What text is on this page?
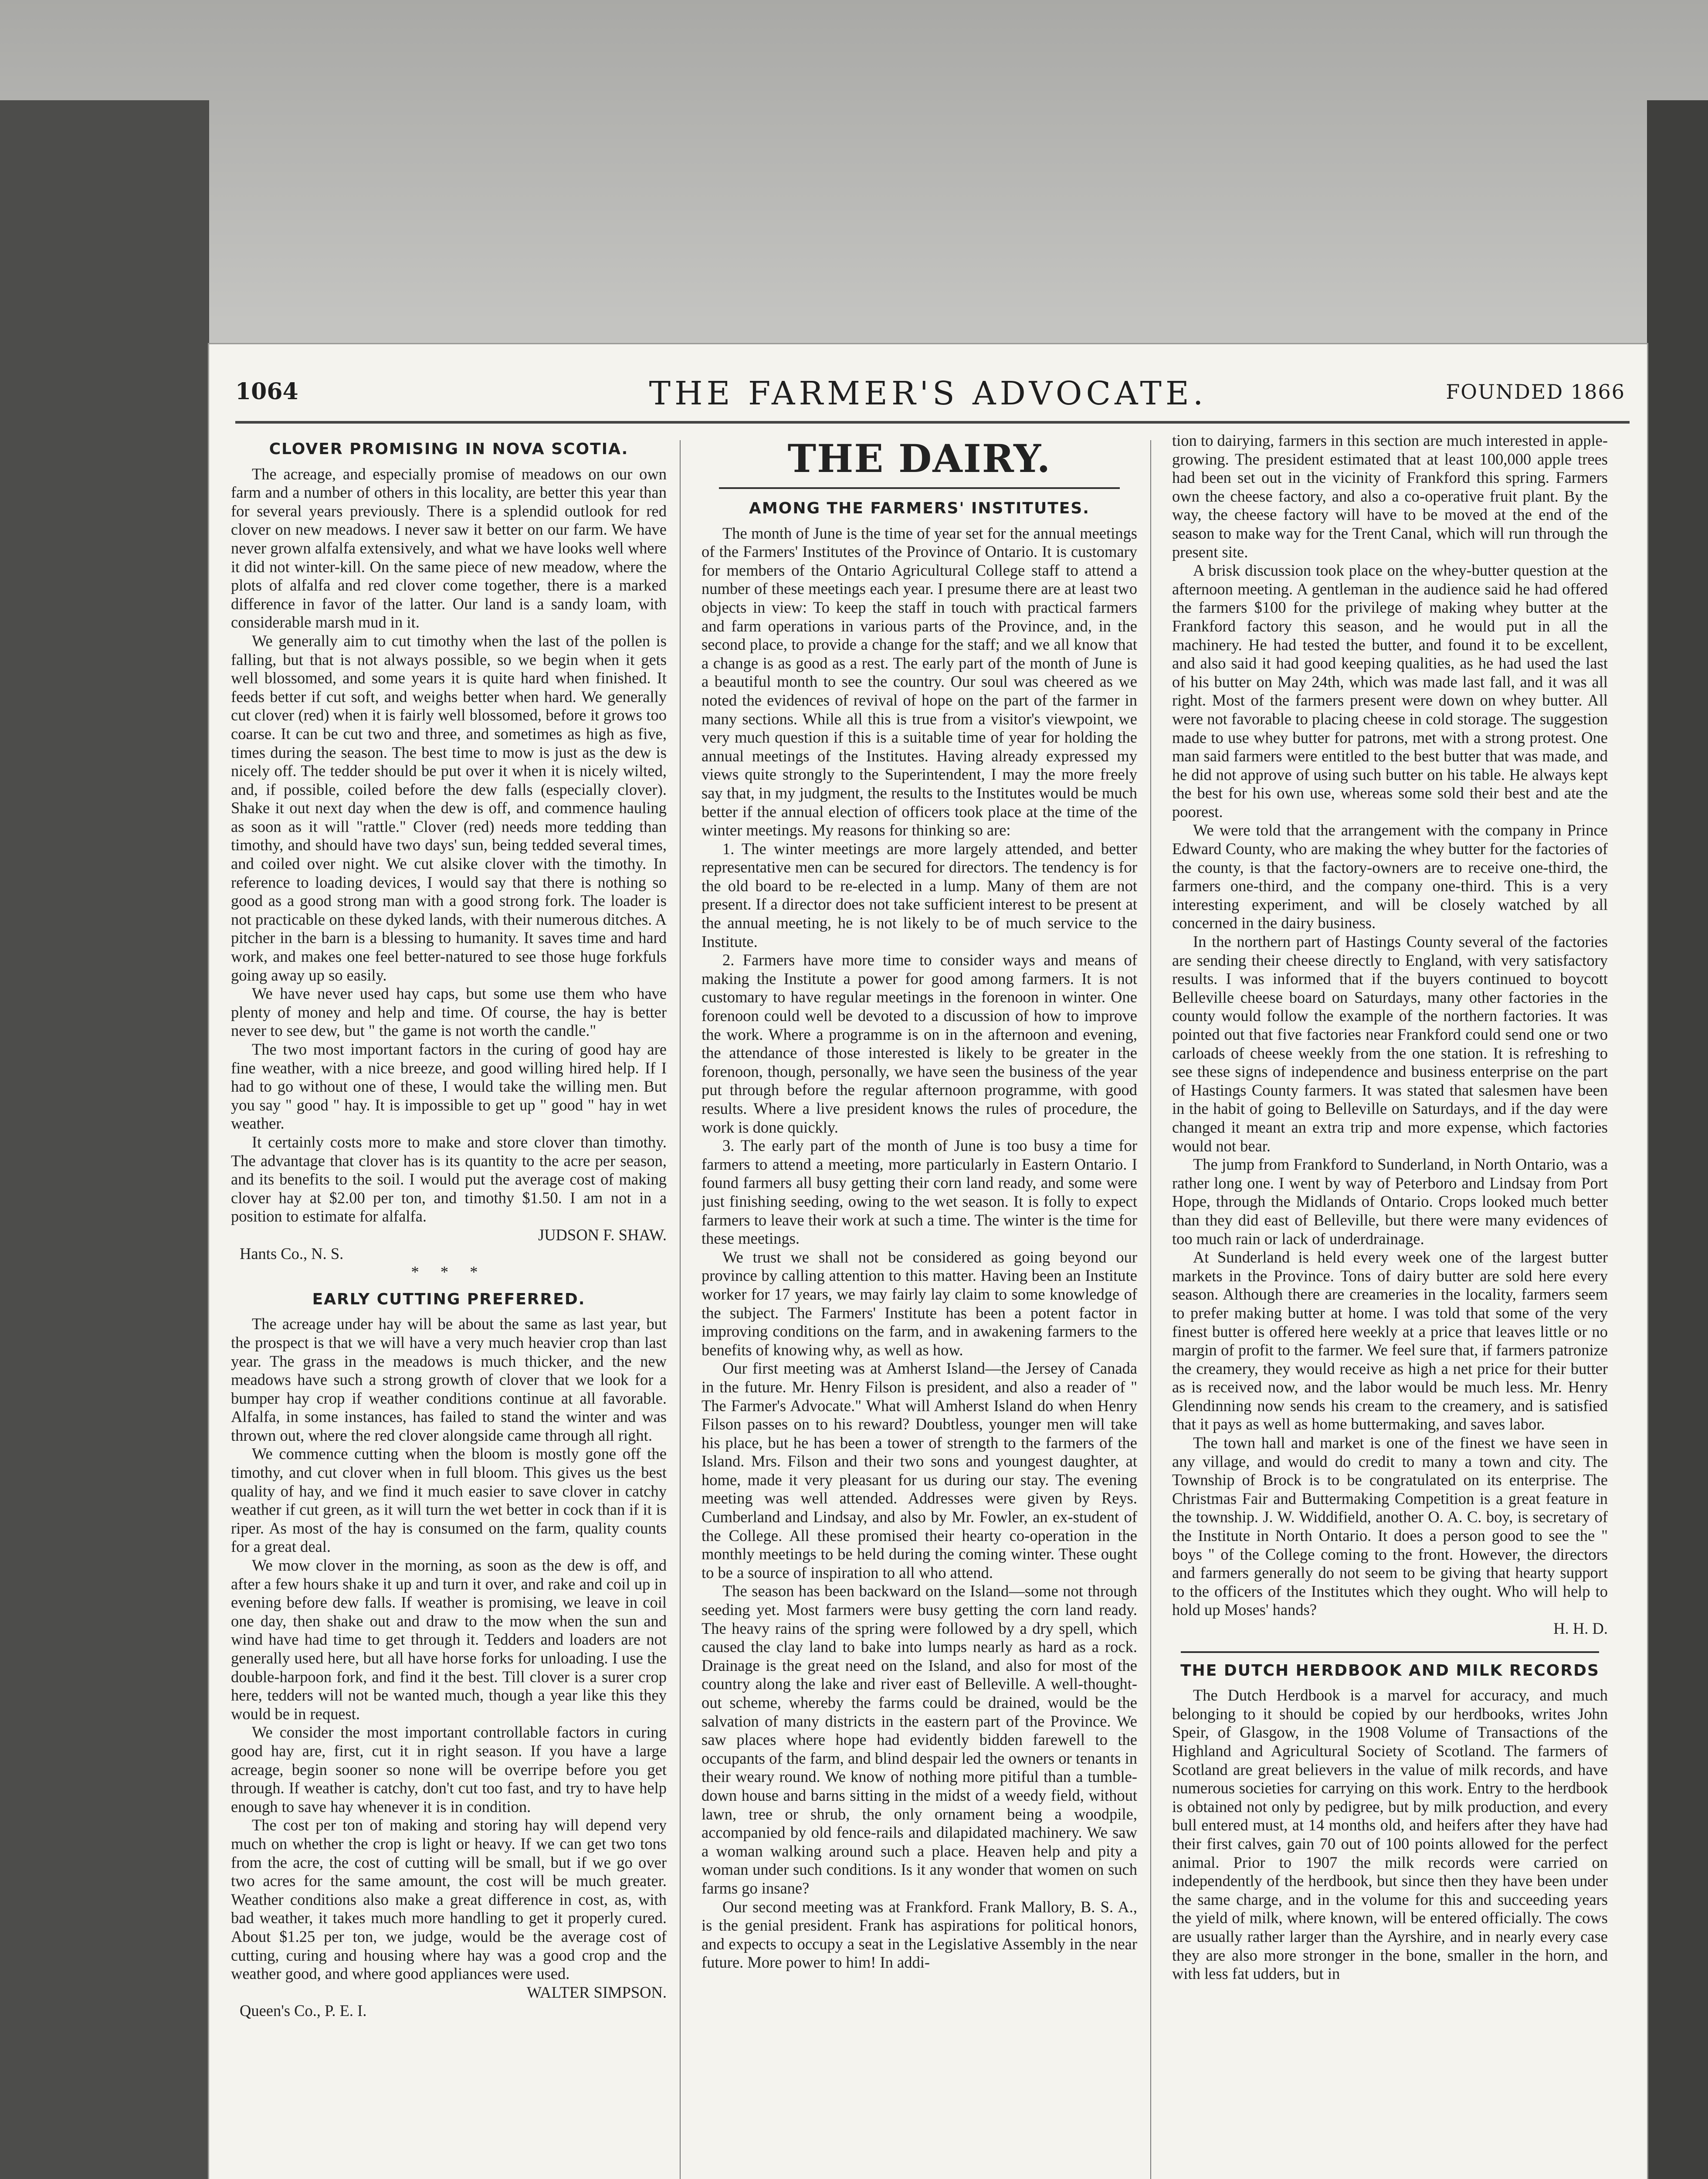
1064	THE FARMER'S ADVOCATE.	FOUNDED 1866
CLOVER PROMISING IN NOVA SCOTIA.

The acreage, and especially promise of meadows on our own farm and a number of others in this locality, are better this year than for several years previously. There is a splendid outlook for red clover on new meadows. I never saw it better on our farm. We have never grown alfalfa extensively, and what we have looks well where it did not winter-kill. On the same piece of new meadow, where the plots of alfalfa and red clover come together, there is a marked difference in favor of the latter. Our land is a sandy loam, with considerable marsh mud in it.

We generally aim to cut timothy when the last of the pollen is falling, but that is not always possible, so we begin when it gets well blossomed, and some years it is quite hard when finished. It feeds better if cut soft, and weighs better when hard. We generally cut clover (red) when it is fairly well blossomed, before it grows too coarse. It can be cut two and three, and sometimes as high as five, times during the season. The best time to mow is just as the dew is nicely off. The tedder should be put over it when it is nicely wilted, and, if possible, coiled before the dew falls (especially clover). Shake it out next day when the dew is off, and commence hauling as soon as it will "rattle." Clover (red) needs more tedding than timothy, and should have two days' sun, being tedded several times, and coiled over night. We cut alsike clover with the timothy. In reference to loading devices, I would say that there is nothing so good as a good strong man with a good strong fork. The loader is not practicable on these dyked lands, with their numerous ditches. A pitcher in the barn is a blessing to humanity. It saves time and hard work, and makes one feel better-natured to see those huge forkfuls going away up so easily.

We have never used hay caps, but some use them who have plenty of money and help and time. Of course, the hay is better never to see dew, but " the game is not worth the candle."

The two most important factors in the curing of good hay are fine weather, with a nice breeze, and good willing hired help. If I had to go without one of these, I would take the willing men. But you say " good " hay. It is impossible to get up " good " hay in wet weather.

It certainly costs more to make and store clover than timothy. The advantage that clover has is its quantity to the acre per season, and its benefits to the soil. I would put the average cost of making clover hay at $2.00 per ton, and timothy $1.50. I am not in a position to estimate for alfalfa.

JUDSON F. SHAW.

Hants Co., N. S.

* * *

EARLY CUTTING PREFERRED.

The acreage under hay will be about the same as last year, but the prospect is that we will have a very much heavier crop than last year. The grass in the meadows is much thicker, and the new meadows have such a strong growth of clover that we look for a bumper hay crop if weather conditions continue at all favorable. Alfalfa, in some instances, has failed to stand the winter and was thrown out, where the red clover alongside came through all right.

We commence cutting when the bloom is mostly gone off the timothy, and cut clover when in full bloom. This gives us the best quality of hay, and we find it much easier to save clover in catchy weather if cut green, as it will turn the wet better in cock than if it is riper. As most of the hay is consumed on the farm, quality counts for a great deal.

We mow clover in the morning, as soon as the dew is off, and after a few hours shake it up and turn it over, and rake and coil up in evening before dew falls. If weather is promising, we leave in coil one day, then shake out and draw to the mow when the sun and wind have had time to get through it. Tedders and loaders are not generally used here, but all have horse forks for unloading. I use the double-harpoon fork, and find it the best. Till clover is a surer crop here, tedders will not be wanted much, though a year like this they would be in request.

We consider the most important controllable factors in curing good hay are, first, cut it in right season. If you have a large acreage, begin sooner so none will be overripe before you get through. If weather is catchy, don't cut too fast, and try to have help enough to save hay whenever it is in condition.

The cost per ton of making and storing hay will depend very much on whether the crop is light or heavy. If we can get two tons from the acre, the cost of cutting will be small, but if we go over two acres for the same amount, the cost will be much greater. Weather conditions also make a great difference in cost, as, with bad weather, it takes much more handling to get it properly cured. About $1.25 per ton, we judge, would be the average cost of cutting, curing and housing where hay was a good crop and the weather good, and where good appliances were used.

WALTER SIMPSON.

Queen's Co., P. E. I.

THE DAIRY.
AMONG THE FARMERS' INSTITUTES.

The month of June is the time of year set for the annual meetings of the Farmers' Institutes of the Province of Ontario. It is customary for members of the Ontario Agricultural College staff to attend a number of these meetings each year. I presume there are at least two objects in view: To keep the staff in touch with practical farmers and farm operations in various parts of the Province, and, in the second place, to provide a change for the staff; and we all know that a change is as good as a rest. The early part of the month of June is a beautiful month to see the country. Our soul was cheered as we noted the evidences of revival of hope on the part of the farmer in many sections. While all this is true from a visitor's viewpoint, we very much question if this is a suitable time of year for holding the annual meetings of the Institutes. Having already expressed my views quite strongly to the Superintendent, I may the more freely say that, in my judgment, the results to the Institutes would be much better if the annual election of officers took place at the time of the winter meetings. My reasons for thinking so are:

1. The winter meetings are more largely attended, and better representative men can be secured for directors. The tendency is for the old board to be re-elected in a lump. Many of them are not present. If a director does not take sufficient interest to be present at the annual meeting, he is not likely to be of much service to the Institute.

2. Farmers have more time to consider ways and means of making the Institute a power for good among farmers. It is not customary to have regular meetings in the forenoon in winter. One forenoon could well be devoted to a discussion of how to improve the work. Where a programme is on in the afternoon and evening, the attendance of those interested is likely to be greater in the forenoon, though, personally, we have seen the business of the year put through before the regular afternoon programme, with good results. Where a live president knows the rules of procedure, the work is done quickly.

3. The early part of the month of June is too busy a time for farmers to attend a meeting, more particularly in Eastern Ontario. I found farmers all busy getting their corn land ready, and some were just finishing seeding, owing to the wet season. It is folly to expect farmers to leave their work at such a time. The winter is the time for these meetings.

We trust we shall not be considered as going beyond our province by calling attention to this matter. Having been an Institute worker for 17 years, we may fairly lay claim to some knowledge of the subject. The Farmers' Institute has been a potent factor in improving conditions on the farm, and in awakening farmers to the benefits of knowing why, as well as how.

Our first meeting was at Amherst Island—the Jersey of Canada in the future. Mr. Henry Filson is president, and also a reader of " The Farmer's Advocate." What will Amherst Island do when Henry Filson passes on to his reward? Doubtless, younger men will take his place, but he has been a tower of strength to the farmers of the Island. Mrs. Filson and their two sons and youngest daughter, at home, made it very pleasant for us during our stay. The evening meeting was well attended. Addresses were given by Reys. Cumberland and Lindsay, and also by Mr. Fowler, an ex-student of the College. All these promised their hearty co-operation in the monthly meetings to be held during the coming winter. These ought to be a source of inspiration to all who attend.

The season has been backward on the Island—some not through seeding yet. Most farmers were busy getting the corn land ready. The heavy rains of the spring were followed by a dry spell, which caused the clay land to bake into lumps nearly as hard as a rock. Drainage is the great need on the Island, and also for most of the country along the lake and river east of Belleville. A well-thought-out scheme, whereby the farms could be drained, would be the salvation of many districts in the eastern part of the Province. We saw places where hope had evidently bidden farewell to the occupants of the farm, and blind despair led the owners or tenants in their weary round. We know of nothing more pitiful than a tumble-down house and barns sitting in the midst of a weedy field, without lawn, tree or shrub, the only ornament being a woodpile, accompanied by old fence-rails and dilapidated machinery. We saw a woman walking around such a place. Heaven help and pity a woman under such conditions. Is it any wonder that women on such farms go insane?

Our second meeting was at Frankford. Frank Mallory, B. S. A., is the genial president. Frank has aspirations for political honors, and expects to occupy a seat in the Legislative Assembly in the near future. More power to him! In addi-

tion to dairying, farmers in this section are much interested in apple-growing. The president estimated that at least 100,000 apple trees had been set out in the vicinity of Frankford this spring. Farmers own the cheese factory, and also a co-operative fruit plant. By the way, the cheese factory will have to be moved at the end of the season to make way for the Trent Canal, which will run through the present site.

A brisk discussion took place on the whey-butter question at the afternoon meeting. A gentleman in the audience said he had offered the farmers $100 for the privilege of making whey butter at the Frankford factory this season, and he would put in all the machinery. He had tested the butter, and found it to be excellent, and also said it had good keeping qualities, as he had used the last of his butter on May 24th, which was made last fall, and it was all right. Most of the farmers present were down on whey butter. All were not favorable to placing cheese in cold storage. The suggestion made to use whey butter for patrons, met with a strong protest. One man said farmers were entitled to the best butter that was made, and he did not approve of using such butter on his table. He always kept the best for his own use, whereas some sold their best and ate the poorest.

We were told that the arrangement with the company in Prince Edward County, who are making the whey butter for the factories of the county, is that the factory-owners are to receive one-third, the farmers one-third, and the company one-third. This is a very interesting experiment, and will be closely watched by all concerned in the dairy business.

In the northern part of Hastings County several of the factories are sending their cheese directly to England, with very satisfactory results. I was informed that if the buyers continued to boycott Belleville cheese board on Saturdays, many other factories in the county would follow the example of the northern factories. It was pointed out that five factories near Frankford could send one or two carloads of cheese weekly from the one station. It is refreshing to see these signs of independence and business enterprise on the part of Hastings County farmers. It was stated that salesmen have been in the habit of going to Belleville on Saturdays, and if the day were changed it meant an extra trip and more expense, which factories would not bear.

The jump from Frankford to Sunderland, in North Ontario, was a rather long one. I went by way of Peterboro and Lindsay from Port Hope, through the Midlands of Ontario. Crops looked much better than they did east of Belleville, but there were many evidences of too much rain or lack of underdrainage.

At Sunderland is held every week one of the largest butter markets in the Province. Tons of dairy butter are sold here every season. Although there are creameries in the locality, farmers seem to prefer making butter at home. I was told that some of the very finest butter is offered here weekly at a price that leaves little or no margin of profit to the farmer. We feel sure that, if farmers patronize the creamery, they would receive as high a net price for their butter as is received now, and the labor would be much less. Mr. Henry Glendinning now sends his cream to the creamery, and is satisfied that it pays as well as home buttermaking, and saves labor.

The town hall and market is one of the finest we have seen in any village, and would do credit to many a town and city. The Township of Brock is to be congratulated on its enterprise. The Christmas Fair and Buttermaking Competition is a great feature in the township. J. W. Widdifield, another O. A. C. boy, is secretary of the Institute in North Ontario. It does a person good to see the " boys " of the College coming to the front. However, the directors and farmers generally do not seem to be giving that hearty support to the officers of the Institutes which they ought. Who will help to hold up Moses' hands?

H. H. D.

THE DUTCH HERDBOOK AND MILK RECORDS

The Dutch Herdbook is a marvel for accuracy, and much belonging to it should be copied by our herdbooks, writes John Speir, of Glasgow, in the 1908 Volume of Transactions of the Highland and Agricultural Society of Scotland. The farmers of Scotland are great believers in the value of milk records, and have numerous societies for carrying on this work. Entry to the herdbook is obtained not only by pedigree, but by milk production, and every bull entered must, at 14 months old, and heifers after they have had their first calves, gain 70 out of 100 points allowed for the perfect animal. Prior to 1907 the milk records were carried on independently of the herdbook, but since then they have been under the same charge, and in the volume for this and succeeding years the yield of milk, where known, will be entered officially. The cows are usually rather larger than the Ayrshire, and in nearly every case they are also more stronger in the bone, smaller in the horn, and with less fat udders, but in
